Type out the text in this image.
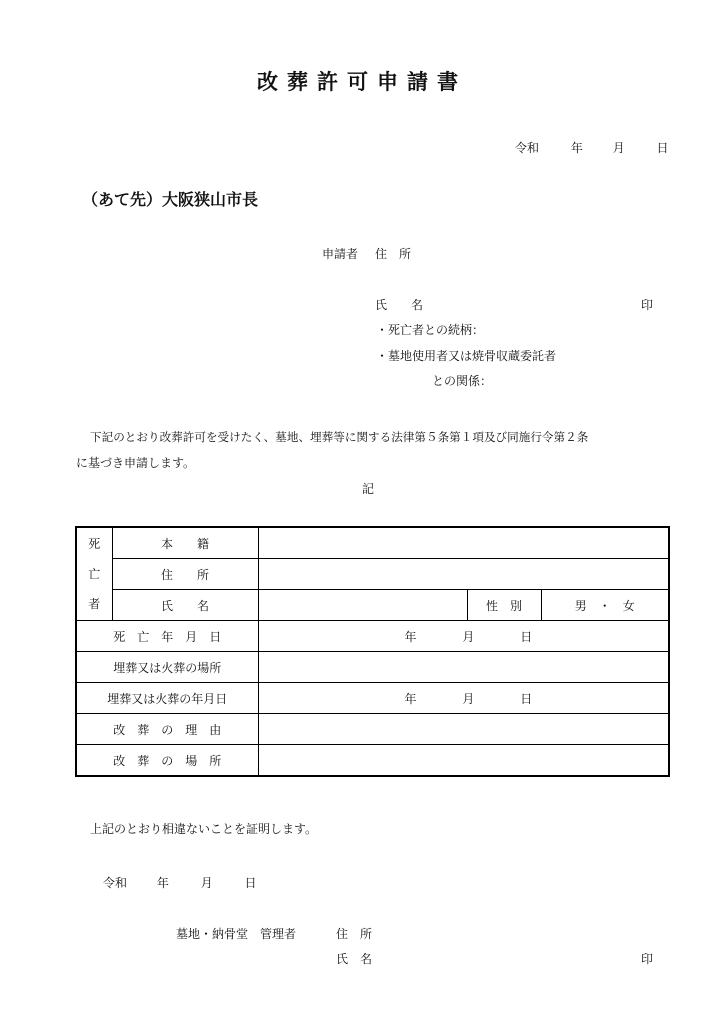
改葬許可申請書
令和	年 月	日
（あて先）大阪狭山市長
申請者 住　所
氏　　名	印
・死亡者との続柄：
・墓地使用者又は焼骨収蔵委託者
との関係：
下記のとおり改葬許可を受けたく、墓地、埋葬等に関する法律第５条第１項及び同施行令第２条
に基づき申請します。
記
死
亡
者	本　　籍			
	住　　所			
	氏　　名		性　別	男　・　女
死　亡　年　月　日		年 月 日		
埋葬又は火葬の場所				
埋葬又は火葬の年月日		年 月 日		
改　葬　の　理　由				
改　葬　の　場　所				
上記のとおり相違ないことを証明します。
令和 年	月	日
墓地・納骨堂　管理者	住　所
氏　名	印
